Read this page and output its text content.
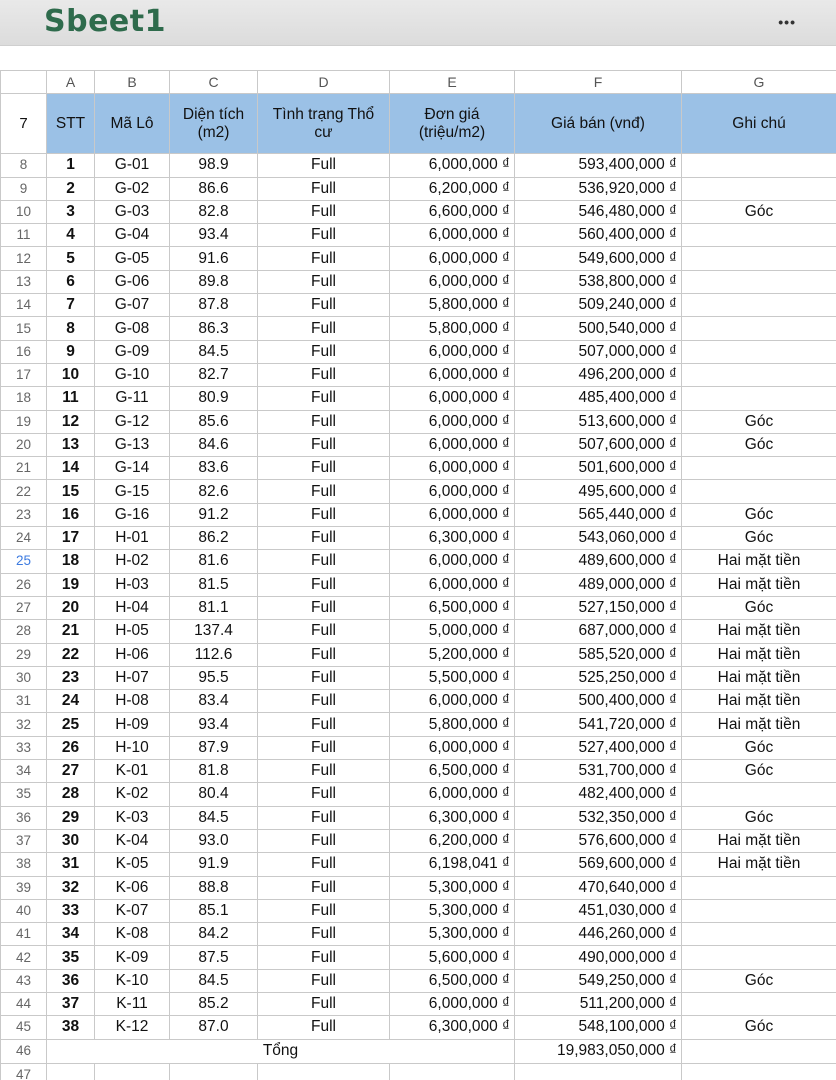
Sbeet1	•••
	A	B	C	D	E	F	G
7	STT	Mã Lô	Diện tích (m2)	Tình trạng Thổ cư	Đơn giá (triệu/m2)	Giá bán (vnđ)	Ghi chú
8	1	G-01	98.9	Full	6,000,000 ₫	593,400,000 ₫	
9	2	G-02	86.6	Full	6,200,000 ₫	536,920,000 ₫	
10	3	G-03	82.8	Full	6,600,000 ₫	546,480,000 ₫	Góc
11	4	G-04	93.4	Full	6,000,000 ₫	560,400,000 ₫	
12	5	G-05	91.6	Full	6,000,000 ₫	549,600,000 ₫	
13	6	G-06	89.8	Full	6,000,000 ₫	538,800,000 ₫	
14	7	G-07	87.8	Full	5,800,000 ₫	509,240,000 ₫	
15	8	G-08	86.3	Full	5,800,000 ₫	500,540,000 ₫	
16	9	G-09	84.5	Full	6,000,000 ₫	507,000,000 ₫	
17	10	G-10	82.7	Full	6,000,000 ₫	496,200,000 ₫	
18	11	G-11	80.9	Full	6,000,000 ₫	485,400,000 ₫	
19	12	G-12	85.6	Full	6,000,000 ₫	513,600,000 ₫	Góc
20	13	G-13	84.6	Full	6,000,000 ₫	507,600,000 ₫	Góc
21	14	G-14	83.6	Full	6,000,000 ₫	501,600,000 ₫	
22	15	G-15	82.6	Full	6,000,000 ₫	495,600,000 ₫	
23	16	G-16	91.2	Full	6,000,000 ₫	565,440,000 ₫	Góc
24	17	H-01	86.2	Full	6,300,000 ₫	543,060,000 ₫	Góc
25	18	H-02	81.6	Full	6,000,000 ₫	489,600,000 ₫	Hai mặt tiền
26	19	H-03	81.5	Full	6,000,000 ₫	489,000,000 ₫	Hai mặt tiền
27	20	H-04	81.1	Full	6,500,000 ₫	527,150,000 ₫	Góc
28	21	H-05	137.4	Full	5,000,000 ₫	687,000,000 ₫	Hai mặt tiền
29	22	H-06	112.6	Full	5,200,000 ₫	585,520,000 ₫	Hai mặt tiền
30	23	H-07	95.5	Full	5,500,000 ₫	525,250,000 ₫	Hai mặt tiền
31	24	H-08	83.4	Full	6,000,000 ₫	500,400,000 ₫	Hai mặt tiền
32	25	H-09	93.4	Full	5,800,000 ₫	541,720,000 ₫	Hai mặt tiền
33	26	H-10	87.9	Full	6,000,000 ₫	527,400,000 ₫	Góc
34	27	K-01	81.8	Full	6,500,000 ₫	531,700,000 ₫	Góc
35	28	K-02	80.4	Full	6,000,000 ₫	482,400,000 ₫	
36	29	K-03	84.5	Full	6,300,000 ₫	532,350,000 ₫	Góc
37	30	K-04	93.0	Full	6,200,000 ₫	576,600,000 ₫	Hai mặt tiền
38	31	K-05	91.9	Full	6,198,041 ₫	569,600,000 ₫	Hai mặt tiền
39	32	K-06	88.8	Full	5,300,000 ₫	470,640,000 ₫	
40	33	K-07	85.1	Full	5,300,000 ₫	451,030,000 ₫	
41	34	K-08	84.2	Full	5,300,000 ₫	446,260,000 ₫	
42	35	K-09	87.5	Full	5,600,000 ₫	490,000,000 ₫	
43	36	K-10	84.5	Full	6,500,000 ₫	549,250,000 ₫	Góc
44	37	K-11	85.2	Full	6,000,000 ₫	511,200,000 ₫	
45	38	K-12	87.0	Full	6,300,000 ₫	548,100,000 ₫	Góc
46	Tổng					19,983,050,000 ₫	
47							
